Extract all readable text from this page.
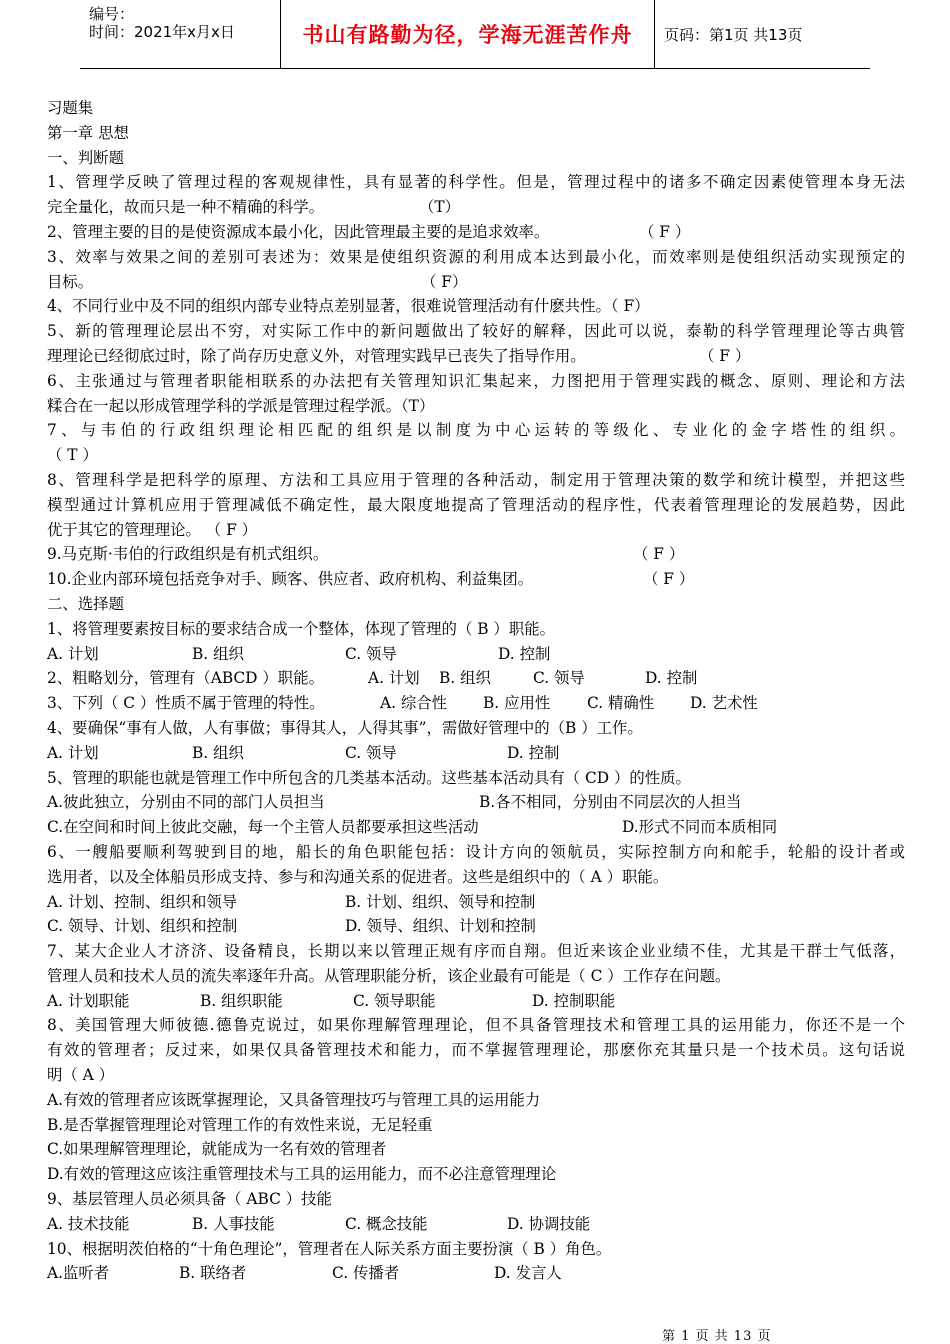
编号：
时间：2021年x月x日	书山有路勤为径，学海无涯苦作舟	页码：第1页 共13页
习题集
第一章 思想
一、判断题
1、管理学反映了管理过程的客观规律性，具有显著的科学性。但是，管理过程中的诸多不确定因素使管理本身无法
完全量化，故而只是一种不精确的科学。	（T）
2、管理主要的目的是使资源成本最小化，因此管理最主要的是追求效率。	（ F ）
3、效率与效果之间的差别可表述为：效果是使组织资源的利用成本达到最小化，而效率则是使组织活动实现预定的
目标。	（ F）
4、不同行业中及不同的组织内部专业特点差别显著，很难说管理活动有什麽共性。（ F）
5、新的管理理论层出不穷，对实际工作中的新问题做出了较好的解释，因此可以说，泰勒的科学管理理论等古典管
理理论已经彻底过时，除了尚存历史意义外，对管理实践早已丧失了指导作用。	（ F ）
6、主张通过与管理者职能相联系的办法把有关管理知识汇集起来，力图把用于管理实践的概念、原则、理论和方法
糅合在一起以形成管理学科的学派是管理过程学派。（T）
7、与韦伯的行政组织理论相匹配的组织是以制度为中心运转的等级化、专业化的金字塔性的组织。
（ T ）
8、管理科学是把科学的原理、方法和工具应用于管理的各种活动，制定用于管理决策的数学和统计模型，并把这些
模型通过计算机应用于管理减低不确定性，最大限度地提高了管理活动的程序性，代表着管理理论的发展趋势，因此
优于其它的管理理论。 （ F ）
9.马克斯·韦伯的行政组织是有机式组织。	（ F ）
10.企业内部环境包括竞争对手、顾客、供应者、政府机构、利益集团。	（ F ）
二、选择题
1、将管理要素按目标的要求结合成一个整体，体现了管理的（ B ）职能。
A. 计划	B. 组织	C. 领导	D. 控制
2、粗略划分，管理有（ABCD ）职能。	A. 计划 B. 组织	C. 领导	D. 控制
3、下列（ C ）性质不属于管理的特性。	A. 综合性 B. 应用性 C. 精确性 D. 艺术性
4、要确保“事有人做，人有事做；事得其人，人得其事”，需做好管理中的（B ）工作。
A. 计划	B. 组织	C. 领导	D. 控制
5、管理的职能也就是管理工作中所包含的几类基本活动。这些基本活动具有（ CD ）的性质。
A.彼此独立，分别由不同的部门人员担当	B.各不相同，分别由不同层次的人担当
C.在空间和时间上彼此交融，每一个主管人员都要承担这些活动	D.形式不同而本质相同
6、一艘船要顺利驾驶到目的地，船长的角色职能包括：设计方向的领航员，实际控制方向和舵手，轮船的设计者或
选用者，以及全体船员形成支持、参与和沟通关系的促进者。这些是组织中的（ A ）职能。
A. 计划、控制、组织和领导	B. 计划、组织、领导和控制
C. 领导、计划、组织和控制	D. 领导、组织、计划和控制
7、某大企业人才济济、设备精良，长期以来以管理正规有序而自翔。但近来该企业业绩不佳，尤其是干群士气低落，
管理人员和技术人员的流失率逐年升高。从管理职能分析，该企业最有可能是（ C ）工作存在问题。
A. 计划职能	B. 组织职能	C. 领导职能	D. 控制职能
8、美国管理大师彼德.德鲁克说过，如果你理解管理理论，但不具备管理技术和管理工具的运用能力，你还不是一个
有效的管理者；反过来，如果仅具备管理技术和能力，而不掌握管理理论，那麽你充其量只是一个技术员。这句话说
明（ A ）
A.有效的管理者应该既掌握理论，又具备管理技巧与管理工具的运用能力
B.是否掌握管理理论对管理工作的有效性来说，无足轻重
C.如果理解管理理论，就能成为一名有效的管理者
D.有效的管理这应该注重管理技术与工具的运用能力，而不必注意管理理论
9、基层管理人员必须具备（ ABC ）技能
A. 技术技能	B. 人事技能	C. 概念技能	D. 协调技能
10、根据明茨伯格的“十角色理论”，管理者在人际关系方面主要扮演（ B ）角色。
A.监听者	B. 联络者	C. 传播者	D. 发言人
第 1 页 共 13 页
